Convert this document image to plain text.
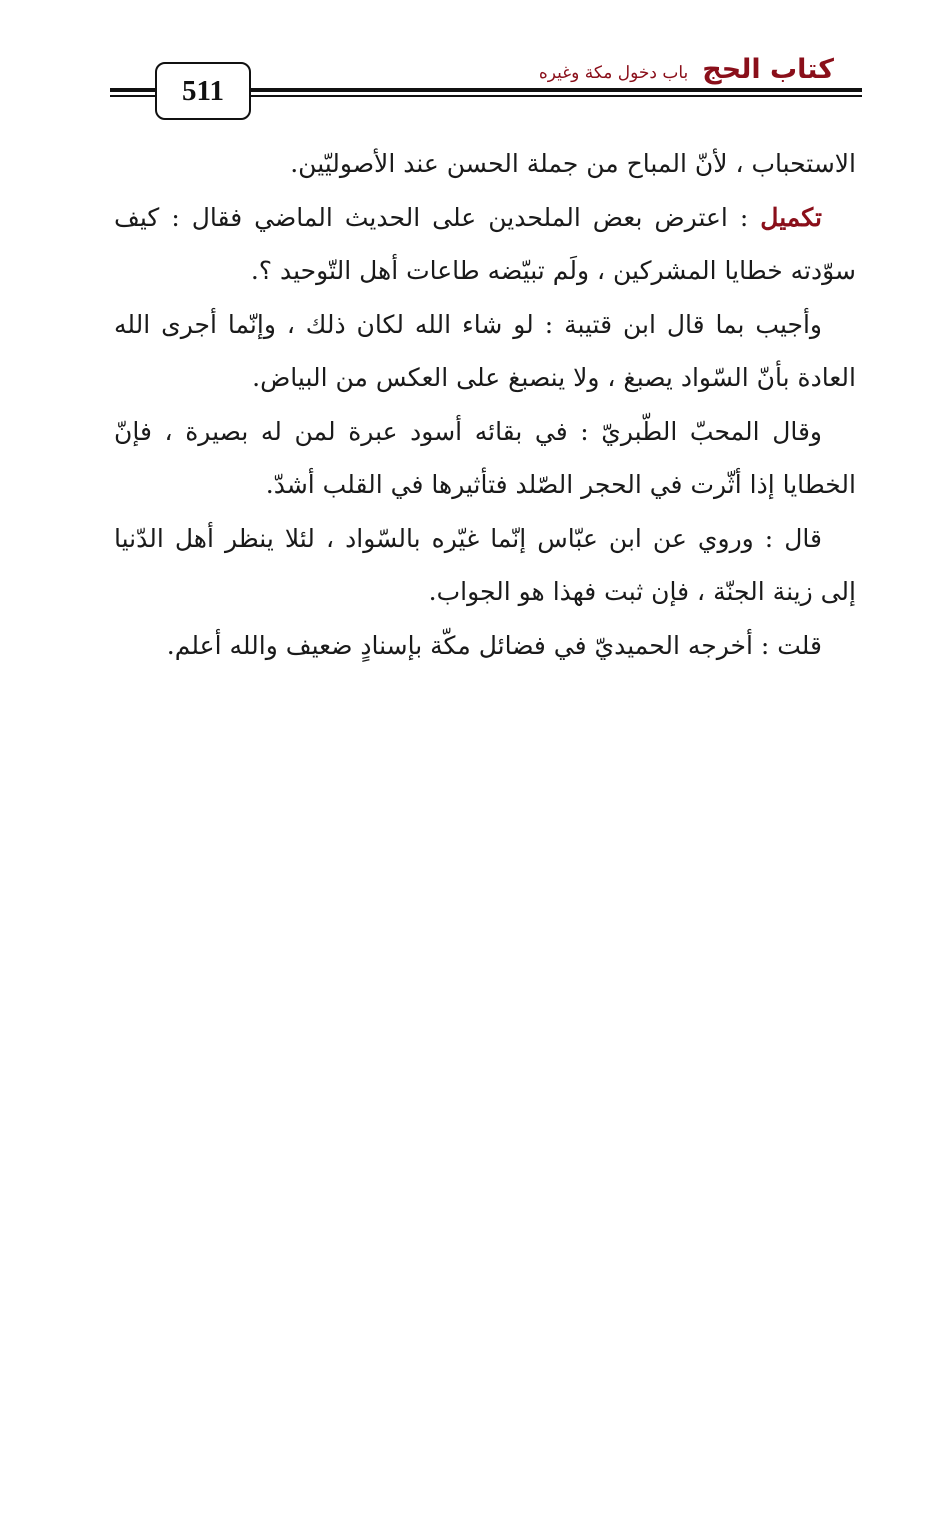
كتاب الحج
باب دخول مكة وغيره
511

الاستحباب ، لأنّ المباح من جملة الحسن عند الأصوليّين.

تكميل : اعترض بعض الملحدين على الحديث الماضي فقال : كيف سوّدته خطايا المشركين ، ولَم تبيّضه طاعات أهل التّوحيد ؟.

وأجيب بما قال ابن قتيبة : لو شاء الله لكان ذلك ، وإنّما أجرى الله العادة بأنّ السّواد يصبغ ، ولا ينصبغ على العكس من البياض.

وقال المحبّ الطّبريّ : في بقائه أسود عبرة لمن له بصيرة ، فإنّ الخطايا إذا أثّرت في الحجر الصّلد فتأثيرها في القلب أشدّ.

قال : وروي عن ابن عبّاس إنّما غيّره بالسّواد ، لئلا ينظر أهل الدّنيا إلى زينة الجنّة ، فإن ثبت فهذا هو الجواب.

قلت : أخرجه الحميديّ في فضائل مكّة بإسنادٍ ضعيف والله أعلم.
